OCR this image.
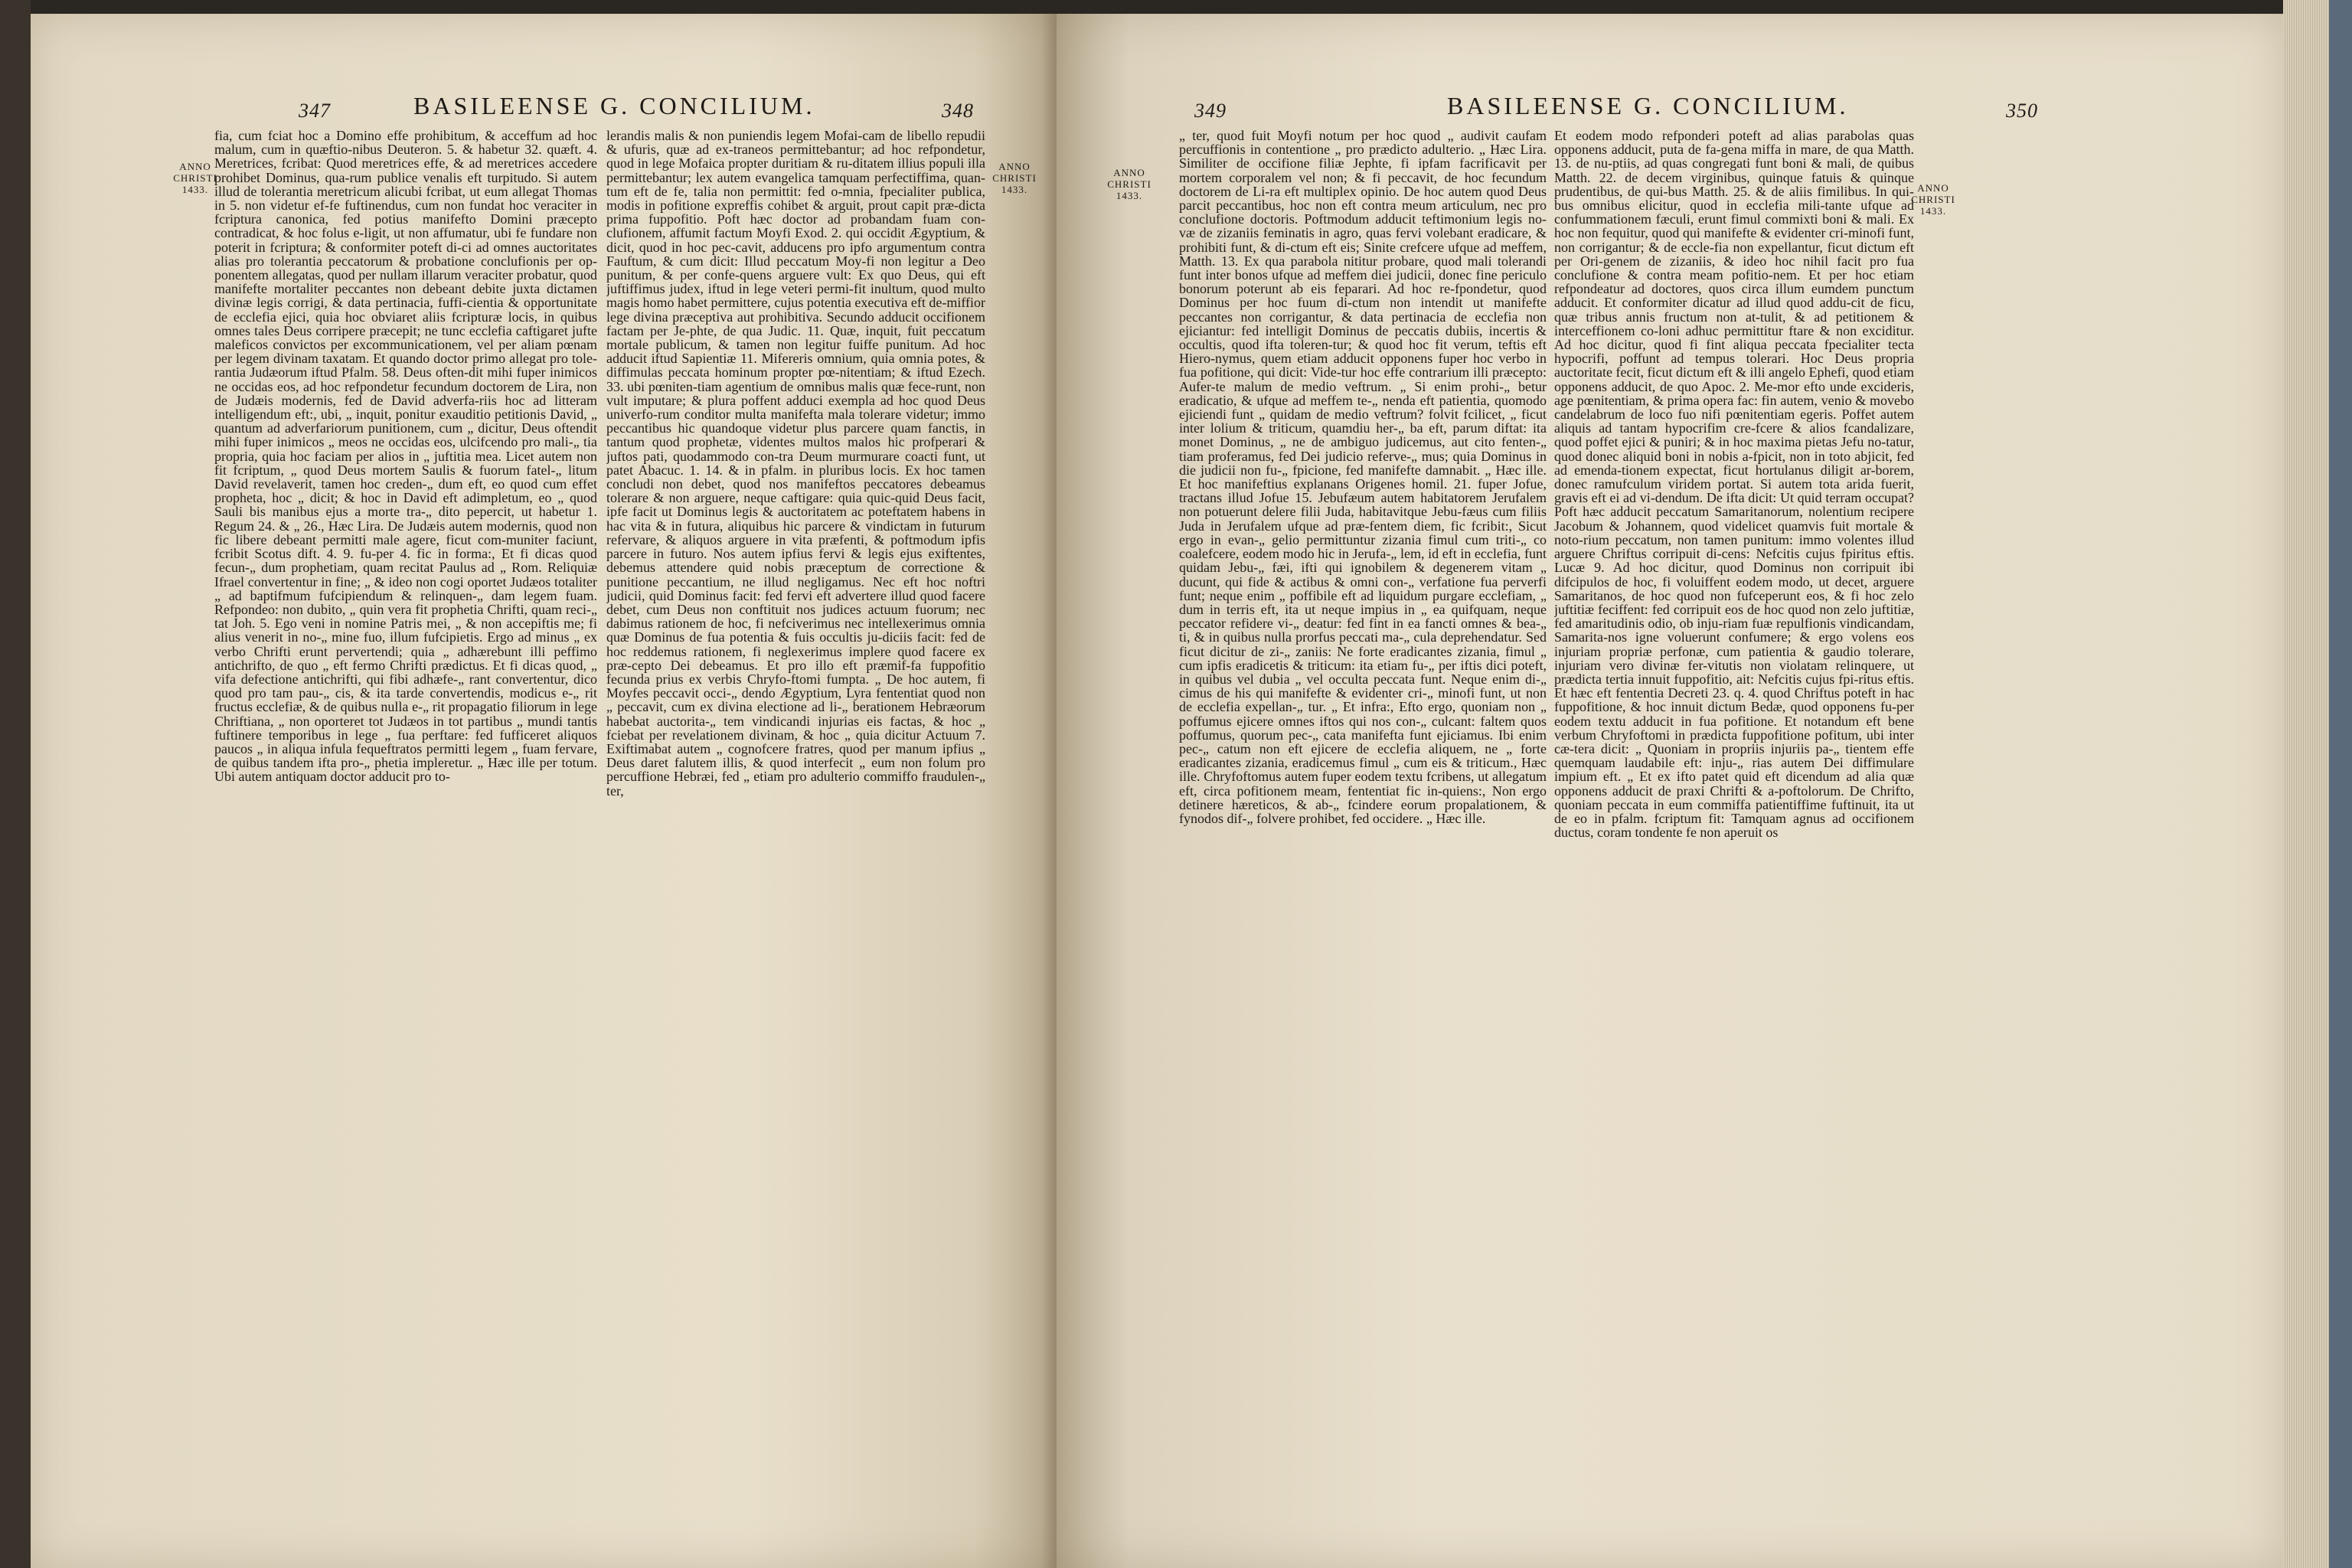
347	BASILEENSE G. CONCILIUM.	348
ANNO
CHRISTI
1433.
ANNO
CHRISTI
1433.

fia, cum fciat hoc a Domino effe prohibitum, & acceffum ad hoc malum, cum in quæftio-nibus Deuteron. 5. & habetur 32. quæft. 4. Meretrices, fcribat: Quod meretrices effe, & ad meretrices accedere prohibet Dominus, qua-rum publice venalis eft turpitudo. Si autem illud de tolerantia meretricum alicubi fcribat, ut eum allegat Thomas in 5. non videtur ef-fe fuftinendus, cum non fundat hoc veraciter in fcriptura canonica, fed potius manifefto Domini præcepto contradicat, & hoc folus e-ligit, ut non affumatur, ubi fe fundare non poterit in fcriptura; & conformiter poteft di-ci ad omnes auctoritates alias pro tolerantia peccatorum & probatione conclufionis per op-ponentem allegatas, quod per nullam illarum veraciter probatur, quod manifefte mortaliter peccantes non debeant debite juxta dictamen divinæ legis corrigi, & data pertinacia, fuffi-cientia & opportunitate de ecclefia ejici, quia hoc obviaret aliis fcripturæ locis, in quibus omnes tales Deus corripere præcepit; ne tunc ecclefia caftigaret jufte maleficos convictos per excommunicationem, vel per aliam pœnam per legem divinam taxatam. Et quando doctor primo allegat pro tole-rantia Judæorum iftud Pfalm. 58. Deus often-dit mihi fuper inimicos ne occidas eos, ad hoc refpondetur fecundum doctorem de Lira, non de Judæis modernis, fed de David adverfa-riis hoc ad litteram intelligendum eft:, ubi, „ inquit, ponitur exauditio petitionis David, „ quantum ad adverfariorum punitionem, cum „ dicitur, Deus oftendit mihi fuper inimicos „ meos ne occidas eos, ulcifcendo pro mali-„ tia propria, quia hoc faciam per alios in „ juftitia mea. Licet autem non fit fcriptum, „ quod Deus mortem Saulis & fuorum fatel-„ litum David revelaverit, tamen hoc creden-„ dum eft, eo quod cum effet propheta, hoc „ dicit; & hoc in David eft adimpletum, eo „ quod Sauli bis manibus ejus a morte tra-„ dito pepercit, ut habetur 1. Regum 24. & „ 26., Hæc Lira. De Judæis autem modernis, quod non fic libere debeant permitti male agere, ficut com-muniter faciunt, fcribit Scotus dift. 4. 9. fu-per 4. fic in forma:, Et fi dicas quod fecun-„ dum prophetiam, quam recitat Paulus ad „ Rom. Reliquiæ Ifrael convertentur in fine; „ & ideo non cogi oportet Judæos totaliter „ ad baptifmum fufcipiendum & relinquen-„ dam legem fuam. Refpondeo: non dubito, „ quin vera fit prophetia Chrifti, quam reci-„ tat Joh. 5. Ego veni in nomine Patris mei, „ & non accepiftis me; fi alius venerit in no-„ mine fuo, illum fufcipietis. Ergo ad minus „ ex verbo Chrifti erunt pervertendi; quia „ adhærebunt illi peffimo antichrifto, de quo „ eft fermo Chrifti prædictus. Et fi dicas quod, „ vifa defectione antichrifti, qui fibi adhæfe-„ rant convertentur, dico quod pro tam pau-„ cis, & ita tarde convertendis, modicus e-„ rit fructus ecclefiæ, & de quibus nulla e-„ rit propagatio filiorum in lege Chriftiana, „ non oporteret tot Judæos in tot partibus „ mundi tantis fuftinere temporibus in lege „ fua perftare: fed fufficeret aliquos paucos „ in aliqua infula fequeftratos permitti legem „ fuam fervare, de quibus tandem ifta pro-„ phetia impleretur. „ Hæc ille per totum. Ubi autem antiquam doctor adducit pro to-

lerandis malis & non puniendis legem Mofai-cam de libello repudii & ufuris, quæ ad ex-traneos permittebantur; ad hoc refpondetur, quod in lege Mofaica propter duritiam & ru-ditatem illius populi illa permittebantur; lex autem evangelica tamquam perfectiffima, quan-tum eft de fe, talia non permittit: fed o-mnia, fpecialiter publica, modis in pofitione expreffis cohibet & arguit, prout capit præ-dicta prima fuppofitio. Poft hæc doctor ad probandam fuam con-clufionem, affumit factum Moyfi Exod. 2. qui occidit Ægyptium, & dicit, quod in hoc pec-cavit, adducens pro ipfo argumentum contra Fauftum, & cum dicit: Illud peccatum Moy-fi non legitur a Deo punitum, & per confe-quens arguere vult: Ex quo Deus, qui eft juftiffimus judex, iftud in lege veteri permi-fit inultum, quod multo magis homo habet permittere, cujus potentia executiva eft de-miffior lege divina præceptiva aut prohibitiva. Secundo adducit occifionem factam per Je-phte, de qua Judic. 11. Quæ, inquit, fuit peccatum mortale publicum, & tamen non legitur fuiffe punitum. Ad hoc adducit iftud Sapientiæ 11. Mifereris omnium, quia omnia potes, & diffimulas peccata hominum propter pœ-nitentiam; & iftud Ezech. 33. ubi pœniten-tiam agentium de omnibus malis quæ fece-runt, non vult imputare; & plura poffent adduci exempla ad hoc quod Deus univerfo-rum conditor multa manifefta mala tolerare videtur; immo peccantibus hic quandoque videtur plus parcere quam fanctis, in tantum quod prophetæ, videntes multos malos hic profperari & juftos pati, quodammodo con-tra Deum murmurare coacti funt, ut patet Abacuc. 1. 14. & in pfalm. in pluribus locis. Ex hoc tamen concludi non debet, quod nos manifeftos peccatores debeamus tolerare & non arguere, neque caftigare: quia quic-quid Deus facit, ipfe facit ut Dominus legis & auctoritatem ac poteftatem habens in hac vita & in futura, aliquibus hic parcere & vindictam in futurum refervare, & aliquos arguere in vita præfenti, & poftmodum ipfis parcere in futuro. Nos autem ipfius fervi & legis ejus exiftentes, debemus attendere quid nobis præceptum de correctione & punitione peccantium, ne illud negligamus. Nec eft hoc noftri judicii, quid Dominus facit: fed fervi eft advertere illud quod facere debet, cum Deus non conftituit nos judices actuum fuorum; nec dabimus rationem de hoc, fi nefciverimus nec intellexerimus omnia quæ Dominus de fua potentia & fuis occultis ju-diciis facit: fed de hoc reddemus rationem, fi neglexerimus implere quod facere ex præ-cepto Dei debeamus. Et pro illo eft præmif-fa fuppofitio fecunda prius ex verbis Chryfo-ftomi fumpta. „ De hoc autem, fi Moyfes peccavit occi-„ dendo Ægyptium, Lyra fententiat quod non „ peccavit, cum ex divina electione ad li-„ berationem Hebræorum habebat auctorita-„ tem vindicandi injurias eis factas, & hoc „ fciebat per revelationem divinam, & hoc „ quia dicitur Actuum 7. Exiftimabat autem „ cognofcere fratres, quod per manum ipfius „ Deus daret falutem illis, & quod interfecit „ eum non folum pro percuffione Hebræi, fed „ etiam pro adulterio commiffo fraudulen-„ ter,

349	BASILEENSE G. CONCILIUM.	350
ANNO
CHRISTI
1433.
ANNO
CHRISTI
1433.

„ ter, quod fuit Moyfi notum per hoc quod „ audivit caufam percuffionis in contentione „ pro prædicto adulterio. „ Hæc Lira. Similiter de occifione filiæ Jephte, fi ipfam facrificavit per mortem corporalem vel non; & fi peccavit, de hoc fecundum doctorem de Li-ra eft multiplex opinio. De hoc autem quod Deus parcit peccantibus, hoc non eft contra meum articulum, nec pro conclufione doctoris. Poftmodum adducit teftimonium legis no-væ de zizaniis feminatis in agro, quas fervi volebant eradicare, & prohibiti funt, & di-ctum eft eis; Sinite crefcere ufque ad meffem, Matth. 13. Ex qua parabola nititur probare, quod mali tolerandi funt inter bonos ufque ad meffem diei judicii, donec fine periculo bonorum poterunt ab eis feparari. Ad hoc re-fpondetur, quod Dominus per hoc fuum di-ctum non intendit ut manifefte peccantes non corrigantur, & data pertinacia de ecclefia non ejiciantur: fed intelligit Dominus de peccatis dubiis, incertis & occultis, quod ifta toleren-tur; & quod hoc fit verum, teftis eft Hiero-nymus, quem etiam adducit opponens fuper hoc verbo in fua pofitione, qui dicit: Vide-tur hoc effe contrarium illi præcepto: Aufer-te malum de medio veftrum. „ Si enim prohi-„ betur eradicatio, & ufque ad meffem te-„ nenda eft patientia, quomodo ejiciendi funt „ quidam de medio veftrum? folvit fcilicet, „ ficut inter lolium & triticum, quamdiu her-„ ba eft, parum diftat: ita monet Dominus, „ ne de ambiguo judicemus, aut cito fenten-„ tiam proferamus, fed Dei judicio referve-„ mus; quia Dominus in die judicii non fu-„ fpicione, fed manifefte damnabit. „ Hæc ille. Et hoc manifeftius explanans Origenes homil. 21. fuper Jofue, tractans illud Jofue 15. Jebufæum autem habitatorem Jerufalem non potuerunt delere filii Juda, habitavitque Jebu-fæus cum filiis Juda in Jerufalem ufque ad præ-fentem diem, fic fcribit:, Sicut ergo in evan-„ gelio permittuntur zizania fimul cum triti-„ co coalefcere, eodem modo hic in Jerufa-„ lem, id eft in ecclefia, funt quidam Jebu-„ fæi, ifti qui ignobilem & degenerem vitam „ ducunt, qui fide & actibus & omni con-„ verfatione fua perverfi funt; neque enim „ poffibile eft ad liquidum purgare ecclefiam, „ dum in terris eft, ita ut neque impius in „ ea quifquam, neque peccator refidere vi-„ deatur: fed fint in ea fancti omnes & bea-„ ti, & in quibus nulla prorfus peccati ma-„ cula deprehendatur. Sed ficut dicitur de zi-„ zaniis: Ne forte eradicantes zizania, fimul „ cum ipfis eradicetis & triticum: ita etiam fu-„ per iftis dici poteft, in quibus vel dubia „ vel occulta peccata funt. Neque enim di-„ cimus de his qui manifefte & evidenter cri-„ minofi funt, ut non de ecclefia expellan-„ tur. „ Et infra:, Efto ergo, quoniam non „ poffumus ejicere omnes iftos qui nos con-„ culcant: faltem quos poffumus, quorum pec-„ cata manifefta funt ejiciamus. Ibi enim pec-„ catum non eft ejicere de ecclefia aliquem, ne „ forte eradicantes zizania, eradicemus fimul „ cum eis & triticum., Hæc ille. Chryfoftomus autem fuper eodem textu fcribens, ut allegatum eft, circa pofitionem meam, fententiat fic in-quiens:, Non ergo detinere hæreticos, & ab-„ fcindere eorum propalationem, & fynodos dif-„ folvere prohibet, fed occidere. „ Hæc ille.

Et eodem modo refponderi poteft ad alias parabolas quas opponens adducit, puta de fa-gena miffa in mare, de qua Matth. 13. de nu-ptiis, ad quas congregati funt boni & mali, de quibus Matth. 22. de decem virginibus, quinque fatuis & quinque prudentibus, de qui-bus Matth. 25. & de aliis fimilibus. In qui-bus omnibus elicitur, quod in ecclefia mili-tante ufque ad confummationem fæculi, erunt fimul commixti boni & mali. Ex hoc non fequitur, quod qui manifefte & evidenter cri-minofi funt, non corrigantur; & de eccle-fia non expellantur, ficut dictum eft per Ori-genem de zizaniis, & ideo hoc nihil facit pro fua conclufione & contra meam pofitio-nem. Et per hoc etiam refpondeatur ad doctores, quos circa illum eumdem punctum adducit. Et conformiter dicatur ad illud quod addu-cit de ficu, quæ tribus annis fructum non at-tulit, & ad petitionem & interceffionem co-loni adhuc permittitur ftare & non exciditur. Ad hoc dicitur, quod fi fint aliqua peccata fpecialiter tecta hypocrifi, poffunt ad tempus tolerari. Hoc Deus propria auctoritate fecit, ficut dictum eft & illi angelo Ephefi, quod etiam opponens adducit, de quo Apoc. 2. Me-mor efto unde excideris, age pœnitentiam, & prima opera fac: fin autem, venio & movebo candelabrum de loco fuo nifi pœnitentiam egeris. Poffet autem aliquis ad tantam hypocrifim cre-fcere & alios fcandalizare, quod poffet ejici & puniri; & in hoc maxima pietas Jefu no-tatur, quod donec aliquid boni in nobis a-fpicit, non in toto abjicit, fed ad emenda-tionem expectat, ficut hortulanus diligit ar-borem, donec ramufculum viridem portat. Si autem tota arida fuerit, gravis eft ei ad vi-dendum. De ifta dicit: Ut quid terram occupat? Poft hæc adducit peccatum Samaritanorum, nolentium recipere Jacobum & Johannem, quod videlicet quamvis fuit mortale & noto-rium peccatum, non tamen punitum: immo volentes illud arguere Chriftus corripuit di-cens: Nefcitis cujus fpiritus eftis. Lucæ 9. Ad hoc dicitur, quod Dominus non corripuit ibi difcipulos de hoc, fi voluiffent eodem modo, ut decet, arguere Samaritanos, de hoc quod non fufceperunt eos, & fi hoc zelo juftitiæ feciffent: fed corripuit eos de hoc quod non zelo juftitiæ, fed amaritudinis odio, ob inju-riam fuæ repulfionis vindicandam, Samarita-nos igne voluerunt confumere; & ergo volens eos injuriam propriæ perfonæ, cum patientia & gaudio tolerare, injuriam vero divinæ fer-vitutis non violatam relinquere, ut prædicta tertia innuit fuppofitio, ait: Nefcitis cujus fpi-ritus eftis. Et hæc eft fententia Decreti 23. q. 4. quod Chriftus poteft in hac fuppofitione, & hoc innuit dictum Bedæ, quod opponens fu-per eodem textu adducit in fua pofitione. Et notandum eft bene verbum Chryfoftomi in prædicta fuppofitione pofitum, ubi inter cæ-tera dicit: „ Quoniam in propriis injuriis pa-„ tientem effe quemquam laudabile eft: inju-„ rias autem Dei diffimulare impium eft. „ Et ex ifto patet quid eft dicendum ad alia quæ opponens adducit de praxi Chrifti & a-poftolorum. De Chrifto, quoniam peccata in eum commiffa patientiffime fuftinuit, ita ut de eo in pfalm. fcriptum fit: Tamquam agnus ad occifionem ductus, coram tondente fe non aperuit os
